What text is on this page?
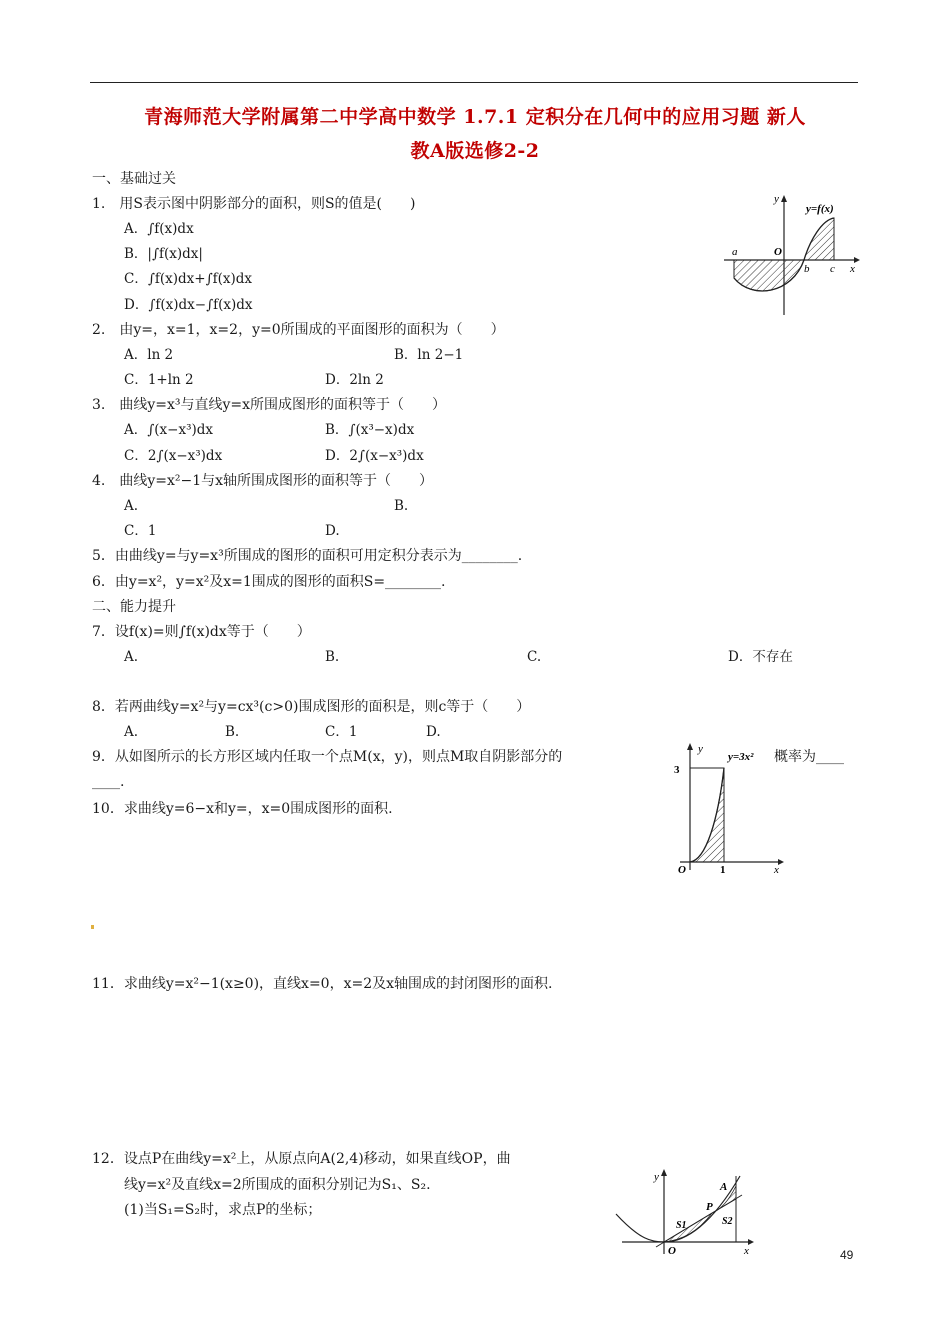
青海师范大学附属第二中学高中数学 1.7.1 定积分在几何中的应用习题 新人
教A版选修2-2
一、基础过关
1.　用S表示图中阴影部分的面积，则S的值是(　　)
A．∫f(x)dx
B．|∫f(x)dx|
C．∫f(x)dx+∫f(x)dx
D．∫f(x)dx−∫f(x)dx
y
y=f(x)
a	O
b c x
2.　由y=，x=1，x=2，y=0所围成的平面图形的面积为（　　）
A．ln 2	B．ln 2−1
C．1+ln 2	D．2ln 2
3.　曲线y=x³与直线y=x所围成图形的面积等于（　　）
A．∫(x−x³)dx	B．∫(x³−x)dx
C．2∫(x−x³)dx	D．2∫(x−x³)dx
4.　曲线y=x²−1与x轴所围成图形的面积等于（　　）
A.	B.
C．1	D.
5．由曲线y=与y=x³所围成的图形的面积可用定积分表示为________.
6．由y=x²，y=x²及x=1围成的图形的面积S=________.
二、能力提升
7．设f(x)=则∫f(x)dx等于（　　）
A.	B.	C.	D．不存在
8．若两曲线y=x²与y=cx³(c>0)围成图形的面积是，则c等于（　　）
A.	B.	C．1	D.
9．从如图所示的长方形区域内任取一个点M(x，y)，则点M取自阴影部分的	概率为____
____.
y
y=3x²
3
O	1	x
10．求曲线y=6−x和y=，x=0围成图形的面积.
11．求曲线y=x²−1(x≥0)，直线x=0，x=2及x轴围成的封闭图形的面积.
12．设点P在曲线y=x²上，从原点向A(2,4)移动，如果直线OP，曲
线y=x²及直线x=2所围成的面积分别记为S₁、S₂.
(1)当S₁=S₂时，求点P的坐标；
y
A
P
S1	S2
O	x	49
